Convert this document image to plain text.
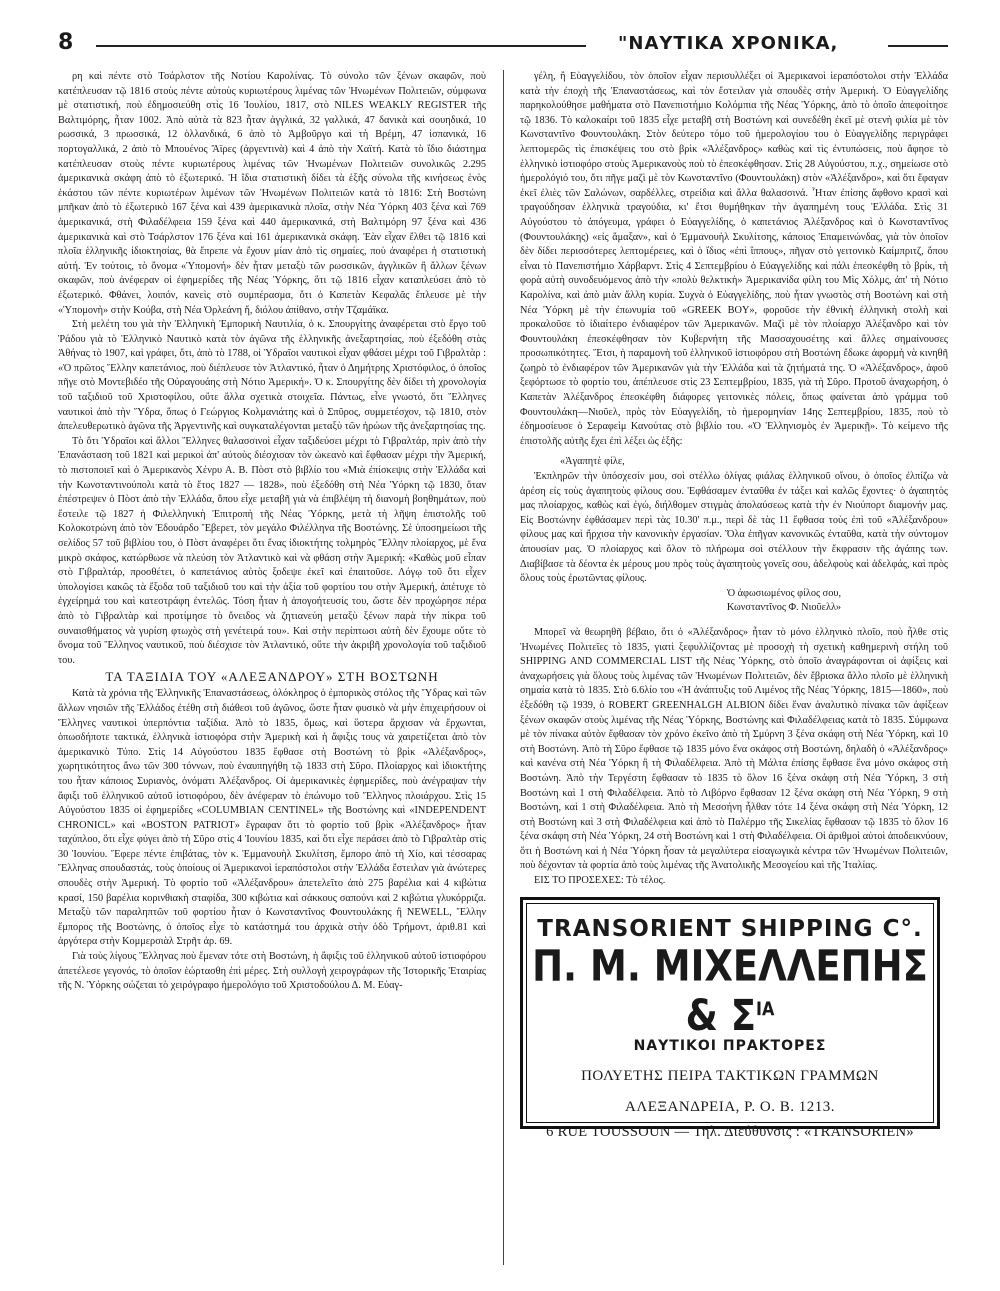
8	"ΝΑΥΤΙΚΑ ΧΡΟΝΙΚΑ,

ρη καὶ πέντε στὸ Τσάρλστον τῆς Νοτίου Καρολίνας. Τὸ σύνολο τῶν ξένων σκαφῶν, ποὺ κατέπλευσαν τῷ 1816 στοὺς πέντε αὐτοὺς κυριωτέρους λιμένας τῶν Ἡνωμένων Πολιτειῶν, σύμφωνα μὲ στατιστική, ποὺ ἐδημοσιεύθη στὶς 16 Ἰουλίου, 1817, στὸ NILES WEAKLY REGISTER τῆς Βαλτιμόρης, ἦταν 1002. Ἀπὸ αὐτὰ τὰ 823 ἦταν ἀγγλικά, 32 γαλλικά, 47 δανικὰ καὶ σουηδικά, 10 ρωσσικά, 3 πρωσσικά, 12 ὁλλανδικά, 6 ἀπὸ τὸ Ἀμβοῦργο καὶ τὴ Βρέμη, 47 ἱσπανικά, 16 πορτογαλλικά, 2 ἀπὸ τὸ Μπουένος Ἄϊρες (ἀργεντινὰ) καὶ 4 ἀπὸ τὴν Χαϊτή. Κατὰ τὸ ἴδιο διάστημα κατέπλευσαν στοὺς πέντε κυριωτέρους λιμένας τῶν Ἡνωμένων Πολιτειῶν συνολικῶς 2.295 ἀμερικανικὰ σκάφη ἀπὸ τὸ ἐξωτερικό. Ἡ ἴδια στατιστικὴ δίδει τὰ ἑξῆς σύνολα τῆς κινήσεως ἑνὸς ἑκάστου τῶν πέντε κυριωτέρων λιμένων τῶν Ἡνωμένων Πολιτειῶν κατὰ τὸ 1816: Στὴ Βοστώνη μπῆκαν ἀπὸ τὸ ἐξωτερικὸ 167 ξένα καὶ 439 ἀμερικανικὰ πλοῖα, στὴν Νέα Ὑόρκη 403 ξένα καὶ 769 ἀμερικανικά, στὴ Φιλαδέλφεια 159 ξένα καὶ 440 ἀμερικανικά, στὴ Βαλτιμόρη 97 ξένα καὶ 436 ἀμερικανικὰ καὶ στὸ Τσάρλστον 176 ξένα καὶ 161 ἀμερικανικὰ σκάφη. Ἐὰν εἶχαν ἔλθει τῷ 1816 καὶ πλοῖα ἑλληνικῆς ἰδιοκτησίας, θὰ ἔπρεπε νὰ ἔχουν μίαν ἀπὸ τὶς σημαίες, ποὺ ἀναφέρει ἡ στατιστικὴ αὐτή. Ἐν τούτοις, τὸ ὄνομα «Ὑπομονή» δὲν ἦταν μεταξὺ τῶν ρωσσικῶν, ἀγγλικῶν ἢ ἄλλων ξένων σκαφῶν, ποὺ ἀνέφεραν οἱ ἐφημερίδες τῆς Νέας Ὑόρκης, ὅτι τῷ 1816 εἶχαν καταπλεύσει ἀπὸ τὸ ἐξωτερικό. Φθάνει, λοιπόν, κανεὶς στὸ συμπέρασμα, ὅτι ὁ Καπετὰν Κεφαλᾶς ἔπλευσε μὲ τὴν «Ὑπομονὴ» στὴν Κούβα, στὴ Νέα Ὀρλεάνη ἤ, διόλου ἀπίθανο, στὴν Τζαμάϊκα.

Στὴ μελέτη του γιὰ τὴν Ἑλληνικὴ Ἐμπορικὴ Ναυτιλία, ὁ κ. Σπουργίτης ἀναφέρεται στὸ ἔργο τοῦ Ῥάδου γιὰ τὸ Ἑλληνικὸ Ναυτικὸ κατὰ τὸν ἀγῶνα τῆς ἑλληνικῆς ἀνεξαρτησίας, ποὺ ἐξεδόθη στὰς Ἀθήνας τὸ 1907, καὶ γράφει, ὅτι, ἀπὸ τὸ 1788, οἱ Ὑδραῖοι ναυτικοὶ εἶχαν φθάσει μέχρι τοῦ Γιβραλτὰρ : «Ὁ πρῶτος Ἕλλην καπετάνιος, ποὺ διέπλευσε τὸν Ἀτλαντικό, ἦταν ὁ Δημήτρης Χριστόφιλος, ὁ ὁποῖος πῆγε στὸ Μοντεβιδέο τῆς Οὐραγουάης στὴ Νότιο Ἀμερική». Ὁ κ. Σπουργίτης δὲν δίδει τὴ χρονολογία τοῦ ταξιδιοῦ τοῦ Χριστοφίλου, οὔτε ἄλλα σχετικὰ στοιχεῖα. Πάντως, εἶνε γνωστό, ὅτι Ἕλληνες ναυτικοὶ ἀπὸ τὴν Ὕδρα, ὅπως ὁ Γεώργιος Κολμανιάτης καὶ ὁ Σπῦρος, συμμετέσχον, τῷ 1810, στὸν ἀπελευθερωτικὸ ἀγῶνα τῆς Ἀργεντινῆς καὶ συγκαταλέγονται μεταξὺ τῶν ἡρώων τῆς ἀνεξαρτησίας της.

Τὸ ὅτι Ὑδραῖοι καὶ ἄλλοι Ἕλληνες θαλασσινοὶ εἶχαν ταξιδεύσει μέχρι τὸ Γιβραλτάρ, πρὶν ἀπὸ τὴν Ἐπανάσταση τοῦ 1821 καὶ μερικοὶ ἀπ' αὐτοὺς διέσχισαν τὸν ὠκεανὸ καὶ ἔφθασαν μέχρι τὴν Ἀμερική, τὸ πιστοποιεῖ καὶ ὁ Ἀμερικανὸς Χένρυ Α. Β. Πὸστ στὸ βιβλίο του «Μιὰ ἐπίσκεψις στὴν Ἑλλάδα καὶ τὴν Κωνσταντινούπολι κατὰ τὸ ἔτος 1827 — 1828», ποὺ ἐξεδόθη στὴ Νέα Ὑόρκη τῷ 1830, ὅταν ἐπέστρεψεν ὁ Πὸστ ἀπὸ τὴν Ἑλλάδα, ὅπου εἶχε μεταβῆ γιὰ νὰ ἐπιβλέψη τὴ διανομὴ βοηθημάτων, ποὺ ἔστειλε τῷ 1827 ἡ Φιλελληνικὴ Ἐπιτροπὴ τῆς Νέας Ὑόρκης, μετὰ τὴ λῆψη ἐπιστολῆς τοῦ Κολοκοτρώνη ἀπὸ τὸν Ἐδουάρδο Ἔβερετ, τὸν μεγάλο Φιλέλληνα τῆς Βοστώνης. Σὲ ὑποσημείωσι τῆς σελίδος 57 τοῦ βιβλίου του, ὁ Πὸστ ἀναφέρει ὅτι ἕνας ἰδιοκτήτης τολμηρὸς Ἕλλην πλοίαρχος, μὲ ἕνα μικρὸ σκάφος, κατώρθωσε νὰ πλεύση τὸν Ἀτλαντικὸ καὶ νὰ φθάση στὴν Ἀμερική: «Καθὼς μοῦ εἶπαν στὸ Γιβραλτάρ, προσθέτει, ὁ καπετάνιος αὐτὸς ξοδεψε ἐκεῖ καὶ ἐπαιτοῦσε. Λόγῳ τοῦ ὅτι εἶχεν ὑπολογίσει κακῶς τὰ ἔξοδα τοῦ ταξιδιοῦ του καὶ τὴν ἀξία τοῦ φορτίου του στὴν Ἀμερική, ἀπέτυχε τὸ ἐγχείρημά του καὶ κατεστράφη ἐντελῶς. Τόση ἦταν ἡ ἀπογοήτευσίς του, ὥστε δὲν προχώρησε πέρα ἀπὸ τὸ Γιβραλτὰρ καὶ προτίμησε τὸ ὄνειδος νὰ ζητιανεύη μεταξὺ ξένων παρὰ τὴν πίκρα τοῦ συναισθήματος νὰ γυρίση φτωχὸς στὴ γενέτειρά του». Καὶ στὴν περίπτωσι αὐτὴ δὲν ἔχουμε οὔτε τὸ ὄνομα τοῦ Ἕλληνος ναυτικοῦ, ποὺ διέσχισε τὸν Ἀτλαντικό, οὔτε τὴν ἀκριβῆ χρονολογία τοῦ ταξιδιοῦ του.

ΤΑ ΤΑΞΙΔΙΑ ΤΟΥ «ΑΛΕΞΑΝΔΡΟΥ» ΣΤΗ ΒΟΣΤΩΝΗ

Κατὰ τὰ χρόνια τῆς Ἑλληνικῆς Ἐπαναστάσεως, ὁλόκληρος ὁ ἐμπορικὸς στόλος τῆς Ὕδρας καὶ τῶν ἄλλων νησιῶν τῆς Ἑλλάδος ἐτέθη στὴ διάθεσι τοῦ ἀγῶνος, ὥστε ἦταν φυσικὸ νὰ μὴν ἐπιχειρήσουν οἱ Ἕλληνες ναυτικοὶ ὑπερπόντια ταξίδια. Ἀπὸ τὸ 1835, ὅμως, καὶ ὕστερα ἄρχισαν νὰ ἔρχωνται, ὁπωσδήποτε τακτικά, ἑλληνικὰ ἱστιοφόρα στὴν Ἀμερικὴ καὶ ἡ ἄφιξις τους νὰ χαιρετίζεται ἀπὸ τὸν ἀμερικανικὸ Τύπο. Στὶς 14 Αὐγούστου 1835 ἔφθασε στὴ Βοστώνη τὸ βρὶκ «Ἀλέξανδρος», χωρητικότητος ἄνω τῶν 300 τόννων, ποὺ ἐναυπηγήθη τῷ 1833 στὴ Σῦρο. Πλοίαρχος καὶ ἰδιοκτήτης του ἦταν κάποιος Συριανὸς, ὀνόματι Ἀλέξανδρος. Οἱ ἀμερικανικὲς ἐφημερίδες, ποὺ ἀνέγραψαν τὴν ἄφιξι τοῦ ἑλληνικοῦ αὐτοῦ ἱστιοφόρου, δὲν ἀνέφεραν τὸ ἐπώνυμο τοῦ Ἕλληνος πλοιάρχου. Στὶς 15 Αὐγούστου 1835 οἱ ἐφημερίδες «COLUMBIAN CENTINEL» τῆς Βοστώνης καὶ «INDEPENDENT CHRONICL» καὶ «BOSTON PATRIOT» ἔγραφαν ὅτι τὸ φορτίο τοῦ βρὶκ «Ἀλέξανδρος» ἦταν ταχύπλοο, ὅτι εἶχε φύγει ἀπὸ τὴ Σῦρο στὶς 4 Ἰουνίου 1835, καὶ ὅτι εἶχε περάσει ἀπὸ τὸ Γιβραλτὰρ στὶς 30 Ἰουνίου. Ἔφερε πέντε ἐπιβάτας, τὸν κ. Ἐμμανουὴλ Σκυλίτση, ἔμπορο ἀπὸ τὴ Χίο, καὶ τέσσαρας Ἕλληνας σπουδαστάς, τοὺς ὁποίους οἱ Ἀμερικανοὶ ἱεραπόστολοι στὴν Ἑλλάδα ἔστειλαν γιὰ ἀνώτερες σπουδὲς στὴν Ἀμερική. Τὸ φορτίο τοῦ «Ἀλέξανδρου» ἀπετελεῖτο ἀπὸ 275 βαρέλια καὶ 4 κιβώτια κρασί, 150 βαρέλια κορινθιακὴ σταφίδα, 300 κιβώτια καὶ σάκκους σαπούνι καὶ 2 κιβώτια γλυκόρριζα. Μεταξὺ τῶν παραληπτῶν τοῦ φορτίου ἦταν ὁ Κωνσταντῖνος Φουντουλάκης ἢ NEWELL, Ἕλλην ἔμπορος τῆς Βοστώνης, ὁ ὁποῖος εἶχε τὸ κατάστημά του ἀρχικὰ στὴν ὁδὸ Τρήμοντ, ἀριθ.81 καὶ ἀργότερα στὴν Κομμερσιὰλ Στρῆτ ἀρ. 69.

Γιὰ τοὺς λίγους Ἕλληνας ποὺ ἔμεναν τότε στὴ Βοστώνη, ἡ ἄφιξις τοῦ ἑλληνικοῦ αὐτοῦ ἱστιοφόρου ἀπετέλεσε γεγονός, τὸ ὁποῖον ἑώρτασθη ἐπὶ μέρες. Στὴ συλλογὴ χειρογράφων τῆς Ἱστορικῆς Ἑταιρίας τῆς Ν. Ὑόρκης σώζεται τὸ χειρόγραφο ἡμερολόγιο τοῦ Χριστοδούλου Δ. Μ. Εὐαγ-

γέλη, ἢ Εὐαγγελίδου, τὸν ὁποῖον εἶχαν περισυλλέξει οἱ Ἀμερικανοὶ ἱεραπόστολοι στὴν Ἑλλάδα κατὰ τὴν ἐποχὴ τῆς Ἐπαναστάσεως, καὶ τὸν ἔστειλαν γιὰ σπουδὲς στὴν Ἀμερική. Ὁ Εὐαγγελίδης παρηκολούθησε μαθήματα στὸ Πανεπιστήμιο Κολόμπια τῆς Νέας Ὑόρκης, ἀπὸ τὸ ὁποῖο ἀπεφοίτησε τῷ 1836. Τὸ καλοκαίρι τοῦ 1835 εἶχε μεταβῆ στὴ Βοστώνη καὶ συνεδέθη ἐκεῖ μὲ στενὴ φιλία μὲ τὸν Κωνσταντῖνο Φουντουλάκη. Στὸν δεύτερο τόμο τοῦ ἡμερολογίου του ὁ Εὐαγγελίδης περιγράφει λεπτομερῶς τὶς ἐπισκέψεις του στὸ βρὶκ «Ἀλέξανδρος» καθὼς καὶ τὶς ἐντυπώσεις, ποὺ ἄφησε τὸ ἑλληνικὸ ἱστιοφόρο στοὺς Ἀμερικανοὺς ποὺ τὸ ἐπεσκέφθησαν. Στὶς 28 Αὐγούστου, π.χ., σημείωσε στὸ ἡμερολόγιό του, ὅτι πῆγε μαζὶ μὲ τὸν Κωνσταντῖνο (Φουντουλάκη) στὸν «Ἀλέξανδρο», καὶ ὅτι ἔφαγαν ἐκεῖ ἐλιὲς τῶν Σαλώνων, σαρδέλλες, στρείδια καὶ ἄλλα θαλασσινά. Ἦταν ἐπίσης ἄφθονο κρασὶ καὶ τραγούδησαν ἑλληνικὰ τραγούδια, κι' ἔτσι θυμήθηκαν τὴν ἀγαπημένη τους Ἑλλάδα. Στὶς 31 Αὐγούστου τὸ ἀπόγευμα, γράφει ὁ Εὐαγγελίδης, ὁ καπετάνιος Ἀλέξανδρος καὶ ὁ Κωνσταντῖνος (Φουντουλάκης) «εἰς ἅμαξαν», καὶ ὁ Ἐμμανουὴλ Σκυλίτσης, κάποιος Ἐπαμεινώνδας, γιὰ τὸν ὁποῖον δὲν δίδει περισσότερες λεπτομέρειες, καὶ ὁ ἴδιος «ἐπὶ ἵππους», πῆγαν στὸ γειτονικὸ Καίμπριτζ, ὅπου εἶναι τὸ Πανεπιστήμιο Χάρβαρντ. Στὶς 4 Σεπτεμβρίου ὁ Εὐαγγελίδης καὶ πάλι ἐπεσκέφθη τὸ βρίκ, τὴ φορὰ αὐτὴ συνοδευόμενος ἀπὸ τὴν «πολὺ θελκτικὴ» Ἀμερικανίδα φίλη του Μὶς Χόλμς, ἀπ' τὴ Νότιο Καρολίνα, καὶ ἀπὸ μιὰν ἄλλη κυρία. Συχνὰ ὁ Εὐαγγελίδης, ποὺ ἦταν γνωστὸς στὴ Βοστώνη καὶ στὴ Νέα Ὑόρκη μὲ τὴν ἐπωνυμία τοῦ «GREEK BOY», φοροῦσε τὴν ἐθνικὴ ἑλληνικὴ στολὴ καὶ προκαλοῦσε τὸ ἰδιαίτερο ἐνδιαφέρον τῶν Ἀμερικανῶν. Μαζὶ μὲ τὸν πλοίαρχο Ἀλέξανδρο καὶ τὸν Φουντουλάκη ἐπεσκέφθησαν τὸν Κυβερνήτη τῆς Μασσαχουσέτης καὶ ἄλλες σημαίνουσες προσωπικότητες. Ἔτσι, ἡ παραμονὴ τοῦ ἑλληνικοῦ ἱστιοφόρου στὴ Βοστώνη ἔδωκε ἀφορμὴ νὰ κινηθῆ ζωηρὸ τὸ ἐνδιαφέρον τῶν Ἀμερικανῶν γιὰ τὴν Ἑλλάδα καὶ τὰ ζητήματά της. Ὁ «Ἀλέξανδρος», ἀφοῦ ξεφόρτωσε τὸ φορτίο του, ἀπέπλευσε στὶς 23 Σεπτεμβρίου, 1835, γιὰ τὴ Σῦρο. Προτοῦ ἀναχωρήση, ὁ Καπετὰν Ἀλέξανδρος ἐπεσκέφθη διάφορες γειτονικὲς πόλεις, ὅπως φαίνεται ἀπὸ γράμμα τοῦ Φουντουλάκη—Νιοῦελ, πρὸς τὸν Εὐαγγελίδη, τὸ ἡμερομηνίαν 14ης Σεπτεμβρίου, 1835, ποὺ τὸ ἐδημοσίευσε ὁ Σεραφεὶμ Κανούτας στὸ βιβλίο του. «Ὁ Ἑλληνισμὸς ἐν Ἀμερικῇ». Τὸ κείμενο τῆς ἐπιστολῆς αὐτῆς ἔχει ἐπὶ λέξει ὡς ἑξῆς:

«Ἀγαπητὲ φίλε,
Ἐκπληρῶν τὴν ὑπόσχεσίν μου, σοὶ στέλλω ὀλίγας φιάλας ἑλληνικοῦ οἴνου, ὁ ὁποῖος ἐλπίζω νὰ ἀρέση εἰς τοὺς ἀγαπητοὺς φίλους σου. Ἐφθάσαμεν ἐνταῦθα ἐν τάξει καὶ καλῶς ἔχοντες· ὁ ἀγαπητὸς μας πλοίαρχος, καθὼς καὶ ἐγώ, διήλθομεν στιγμὰς ἀπολαύσεως κατὰ τὴν ἐν Νιούπορτ διαμονήν μας. Εἰς Βοστώνην ἐφθάσαμεν περὶ τὰς 10.30' π.μ., περὶ δὲ τὰς 11 ἔφθασα τοὺς ἐπὶ τοῦ «Ἀλέξανδρου» φίλους μας καὶ ἤρχισα τὴν κανονικὴν ἐργασίαν. Ὅλα ἐπῆγαν κανονικῶς ἐνταῦθα, κατὰ τὴν σύντομον ἀπουσίαν μας. Ὁ πλοίαρχος καὶ ὅλον τὸ πλήρωμα σοὶ στέλλουν τὴν ἔκφρασιν τῆς ἀγάπης των. Διαβίβασε τὰ δέοντα ἐκ μέρους μου πρὸς τοὺς ἀγαπητοὺς γονεῖς σου, ἀδελφοὺς καὶ ἀδελφάς, καὶ πρὸς ὅλους τοὺς ἐρωτῶντας φίλους.
Ὁ ἀφωσιωμένος φίλος σου,
Κωνσταντῖνος Φ. Νιοῦελλ»

Μπορεῖ νὰ θεωρηθῆ βέβαιο, ὅτι ὁ «Ἀλέξανδρος» ἦταν τὸ μόνο ἑλληνικὸ πλοῖο, ποὺ ἦλθε στὶς Ἡνωμένες Πολιτεῖες τὸ 1835, γιατὶ ξεφυλλίζοντας μὲ προσοχὴ τὴ σχετικὴ καθημερινὴ στήλη τοῦ SHIPPING AND COMMERCIAL LIST τῆς Νέας Ὑόρκης, στὸ ὁποῖο ἀναγράφονται οἱ ἀφίξεις καὶ ἀναχωρήσεις γιὰ ὅλους τοὺς λιμένας τῶν Ἡνωμένων Πολιτειῶν, δὲν ἔβρισκα ἄλλο πλοῖο μὲ ἑλληνικὴ σημαία κατὰ τὸ 1835. Στὸ 6.6λίο του «Ἡ ἀνάπτυξις τοῦ Λιμένος τῆς Νέας Ὑόρκης, 1815—1860», ποὺ ἐξεδόθη τῷ 1939, ὁ ROBERT GREENHALGH ALBION δίδει ἕναν ἀναλυτικὸ πίνακα τῶν ἀφίξεων ξένων σκαφῶν στοὺς λιμένας τῆς Νέας Ὑόρκης, Βοστώνης καὶ Φιλαδέλφειας κατὰ τὸ 1835. Σύμφωνα μὲ τὸν πίνακα αὐτὸν ἔφθασαν τὸν χρόνο ἐκεῖνο ἀπὸ τὴ Σμύρνη 3 ξένα σκάφη στὴ Νέα Ὑόρκη, καὶ 10 στὴ Βοστώνη. Ἀπὸ τὴ Σῦρο ἔφθασε τῷ 1835 μόνο ἕνα σκάφος στὴ Βοστώνη, δηλαδὴ ὁ «Ἀλέξανδρος» καὶ κανένα στὴ Νέα Ὑόρκη ἢ τὴ Φιλαδέλφεια. Ἀπὸ τὴ Μάλτα ἐπίσης ἔφθασε ἕνα μόνο σκάφος στὴ Βοστώνη. Ἀπὸ τὴν Τεργέστη ἔφθασαν τὸ 1835 τὸ ὅλον 16 ξένα σκάφη στὴ Νέα Ὑόρκη, 3 στὴ Βοστώνη καὶ 1 στὴ Φιλαδέλφεια. Ἀπὸ τὸ Λιβόρνο ἔφθασαν 12 ξένα σκάφη στὴ Νέα Ὑόρκη, 9 στὴ Βοστώνη, καὶ 1 στὴ Φιλαδέλφεια. Ἀπὸ τὴ Μεσσήνη ἦλθαν τότε 14 ξένα σκάφη στὴ Νέα Ὑόρκη, 12 στὴ Βοστώνη καὶ 3 στὴ Φιλαδέλφεια καὶ ἀπὸ τὸ Παλέρμο τῆς Σικελίας ἔφθασαν τῷ 1835 τὸ ὅλον 16 ξένα σκάφη στὴ Νέα Ὑόρκη, 24 στὴ Βοστώνη καὶ 1 στὴ Φιλαδέλφεια. Οἱ ἀριθμοὶ αὐτοὶ ἀποδεικνύουν, ὅτι ἡ Βοστώνη καὶ ἡ Νέα Ὑόρκη ἦσαν τὰ μεγαλύτερα εἰσαγωγικὰ κέντρα τῶν Ἡνωμένων Πολιτειῶν, ποὺ δέχονταν τὰ φορτία ἀπὸ τοὺς λιμένας τῆς Ἀνατολικῆς Μεσογείου καὶ τῆς Ἰταλίας.

ΕΙΣ ΤΟ ΠΡΟΣΕΧΕΣ: Τὸ τέλος.
TRANSORIENT SHIPPING C°.
Π. Μ. ΜΙΧΕΛΛΕΠΗΣ & $\Sigma^{IA}$
ΝΑΥΤΙΚΟΙ ΠΡΑΚΤΟΡΕΣ
ΠΟΛΥΕΤΗΣ ΠΕΙΡΑ ΤΑΚΤΙΚΩΝ ΓΡΑΜΜΩΝ
ΑΛΕΞΑΝΔΡΕΙΑ, Ρ. Ο. Β. 1213.
6 RUE TOUSSOUN — Τηλ. Διεύθυνσις : «TRANSORIEN»
